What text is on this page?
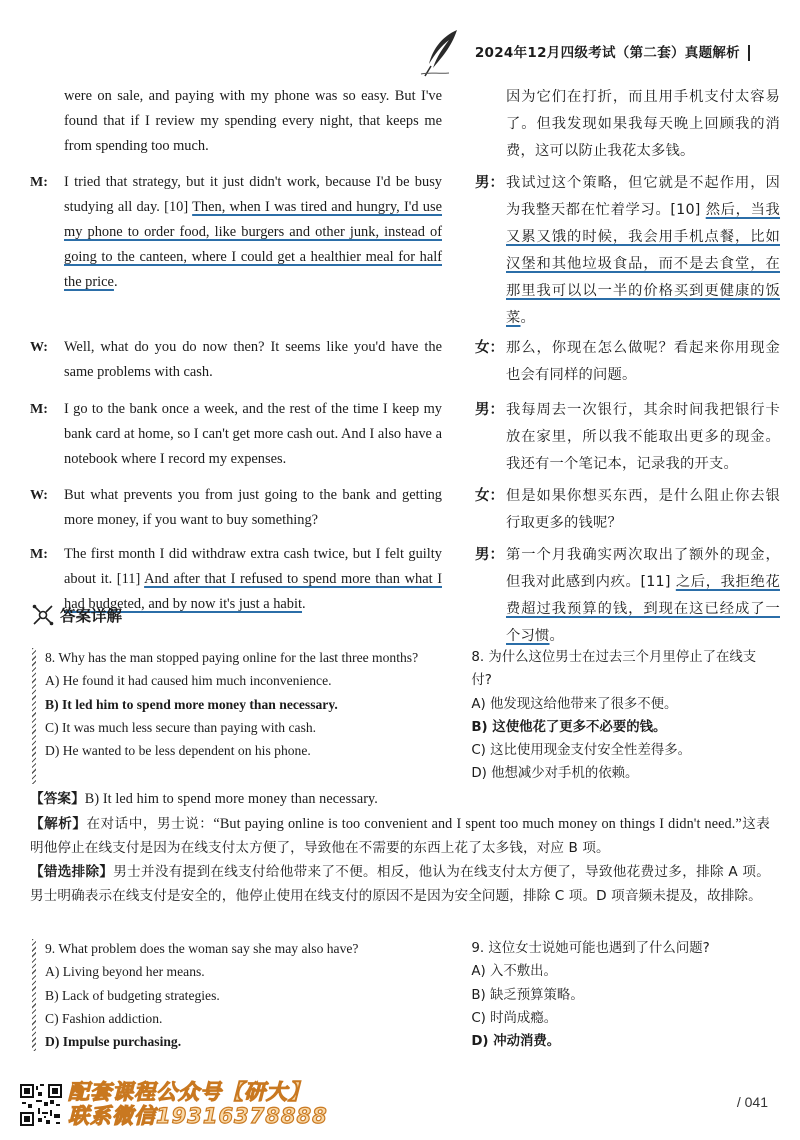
2024年12月四级考试（第二套）真题解析
were on sale, and paying with my phone was so easy. But I've found that if I review my spending every night, that keeps me from spending too much.
因为它们在打折，而且用手机支付太容易了。但我发现如果我每天晚上回顾我的消费，这可以防止我花太多钱。
M:	I tried that strategy, but it just didn't work, because I'd be busy studying all day. [10] Then, when I was tired and hungry, I'd use my phone to order food, like burgers and other junk, instead of going to the canteen, where I could get a healthier meal for half the price.
男： 我试过这个策略，但它就是不起作用，因为我整天都在忙着学习。[10] 然后，当我又累又饿的时候，我会用手机点餐，比如汉堡和其他垃圾食品，而不是去食堂，在那里我可以以一半的价格买到更健康的饭菜。
W:	Well, what do you do now then? It seems like you'd have the same problems with cash.
女： 那么，你现在怎么做呢？看起来你用现金也会有同样的问题。
M:	I go to the bank once a week, and the rest of the time I keep my bank card at home, so I can't get more cash out. And I also have a notebook where I record my expenses.
男： 我每周去一次银行，其余时间我把银行卡放在家里，所以我不能取出更多的现金。我还有一个笔记本，记录我的开支。
W:	But what prevents you from just going to the bank and getting more money, if you want to buy something?
女： 但是如果你想买东西，是什么阻止你去银行取更多的钱呢？
M:	The first month I did withdraw extra cash twice, but I felt guilty about it. [11] And after that I refused to spend more than what I had budgeted, and by now it's just a habit.
男： 第一个月我确实两次取出了额外的现金，但我对此感到内疚。[11] 之后，我拒绝花费超过我预算的钱，到现在这已经成了一个习惯。
答案详解
8. Why has the man stopped paying online for the last three months?
A) He found it had caused him much inconvenience.
B) It led him to spend more money than necessary.
C) It was much less secure than paying with cash.
D) He wanted to be less dependent on his phone.
8. 为什么这位男士在过去三个月里停止了在线支付?
A) 他发现这给他带来了很多不便。
B) 这使他花了更多不必要的钱。
C) 这比使用现金支付安全性差得多。
D) 他想减少对手机的依赖。
【答案】B) It led him to spend more money than necessary.
【解析】在对话中，男士说：“But paying online is too convenient and I spent too much money on things I didn't need.”这表明他停止在线支付是因为在线支付太方便了，导致他在不需要的东西上花了太多钱，对应 B 项。
【错选排除】男士并没有提到在线支付给他带来了不便。相反，他认为在线支付太方便了，导致他花费过多，排除 A 项。男士明确表示在线支付是安全的，他停止使用在线支付的原因不是因为安全问题，排除 C 项。D 项音频未提及，故排除。
9. What problem does the woman say she may also have?
A) Living beyond her means.
B) Lack of budgeting strategies.
C) Fashion addiction.
D) Impulse purchasing.
9. 这位女士说她可能也遇到了什么问题?
A) 入不敷出。
B) 缺乏预算策略。
C) 时尚成瘾。
D) 冲动消费。
配套课程公众号【研大】
联系微信19316378888
/ 041
